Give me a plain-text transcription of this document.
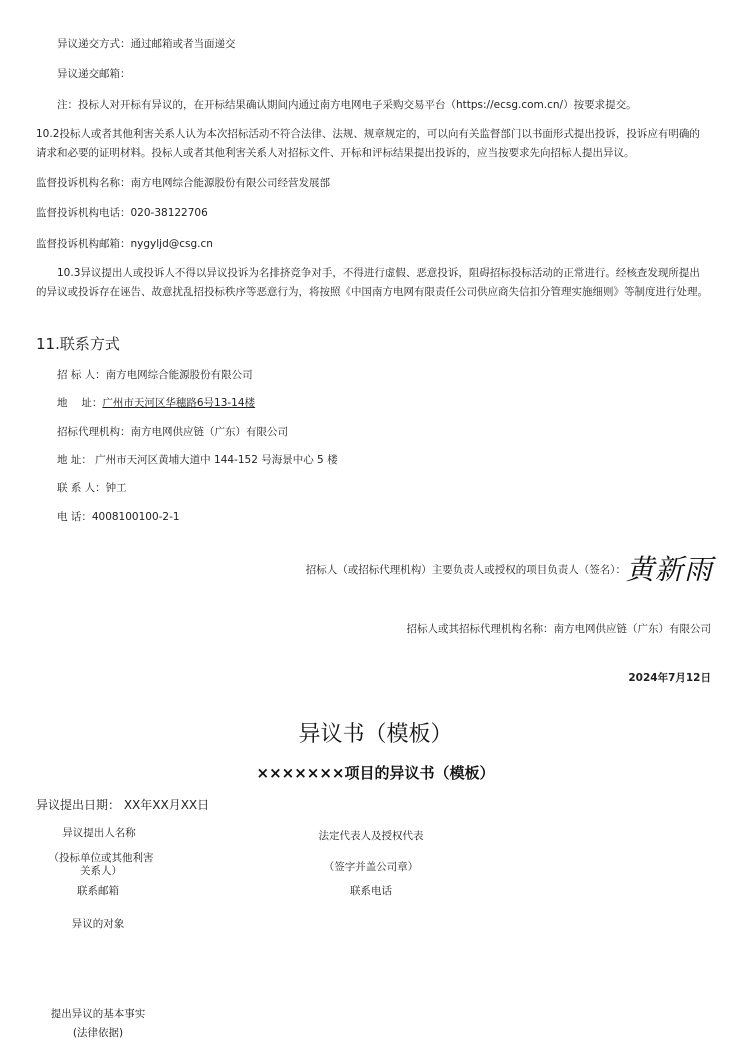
异议递交方式：通过邮箱或者当面递交
异议递交邮箱：
注：投标人对开标有异议的，在开标结果确认期间内通过南方电网电子采购交易平台（https://ecsg.com.cn/）按要求提交。
10.2投标人或者其他利害关系人认为本次招标活动不符合法律、法规、规章规定的，可以向有关监督部门以书面形式提出投诉，投诉应有明确的请求和必要的证明材料。投标人或者其他利害关系人对招标文件、开标和评标结果提出投诉的，应当按要求先向招标人提出异议。
监督投诉机构名称：南方电网综合能源股份有限公司经营发展部
监督投诉机构电话：020-38122706
监督投诉机构邮箱：nygyljd@csg.cn
10.3异议提出人或投诉人不得以异议投诉为名排挤竞争对手，不得进行虚假、恶意投诉，阻碍招标投标活动的正常进行。经核查发现所提出的异议或投诉存在诬告、故意扰乱招投标秩序等恶意行为，将按照《中国南方电网有限责任公司供应商失信扣分管理实施细则》等制度进行处理。
11.联系方式
招 标 人：南方电网综合能源股份有限公司
地　 址：广州市天河区华穗路6号13-14楼
招标代理机构：南方电网供应链（广东）有限公司
地 址： 广州市天河区黄埔大道中 144-152 号海景中心 5 楼
联 系 人：钟工
电 话：4008100100-2-1
招标人（或招标代理机构）主要负责人或授权的项目负责人（签名）：黄新雨
招标人或其招标代理机构名称：南方电网供应链（广东）有限公司
2024年7月12日
异议书（模板）
×××××××项目的异议书（模板）
异议提出日期： XX年XX月XX日
异议提出人名称
（投标单位或其他利害关系人）
法定代表人及授权代表
（签字并盖公司章）
联系邮箱	联系电话
异议的对象
提出异议的基本事实(法律依据)
